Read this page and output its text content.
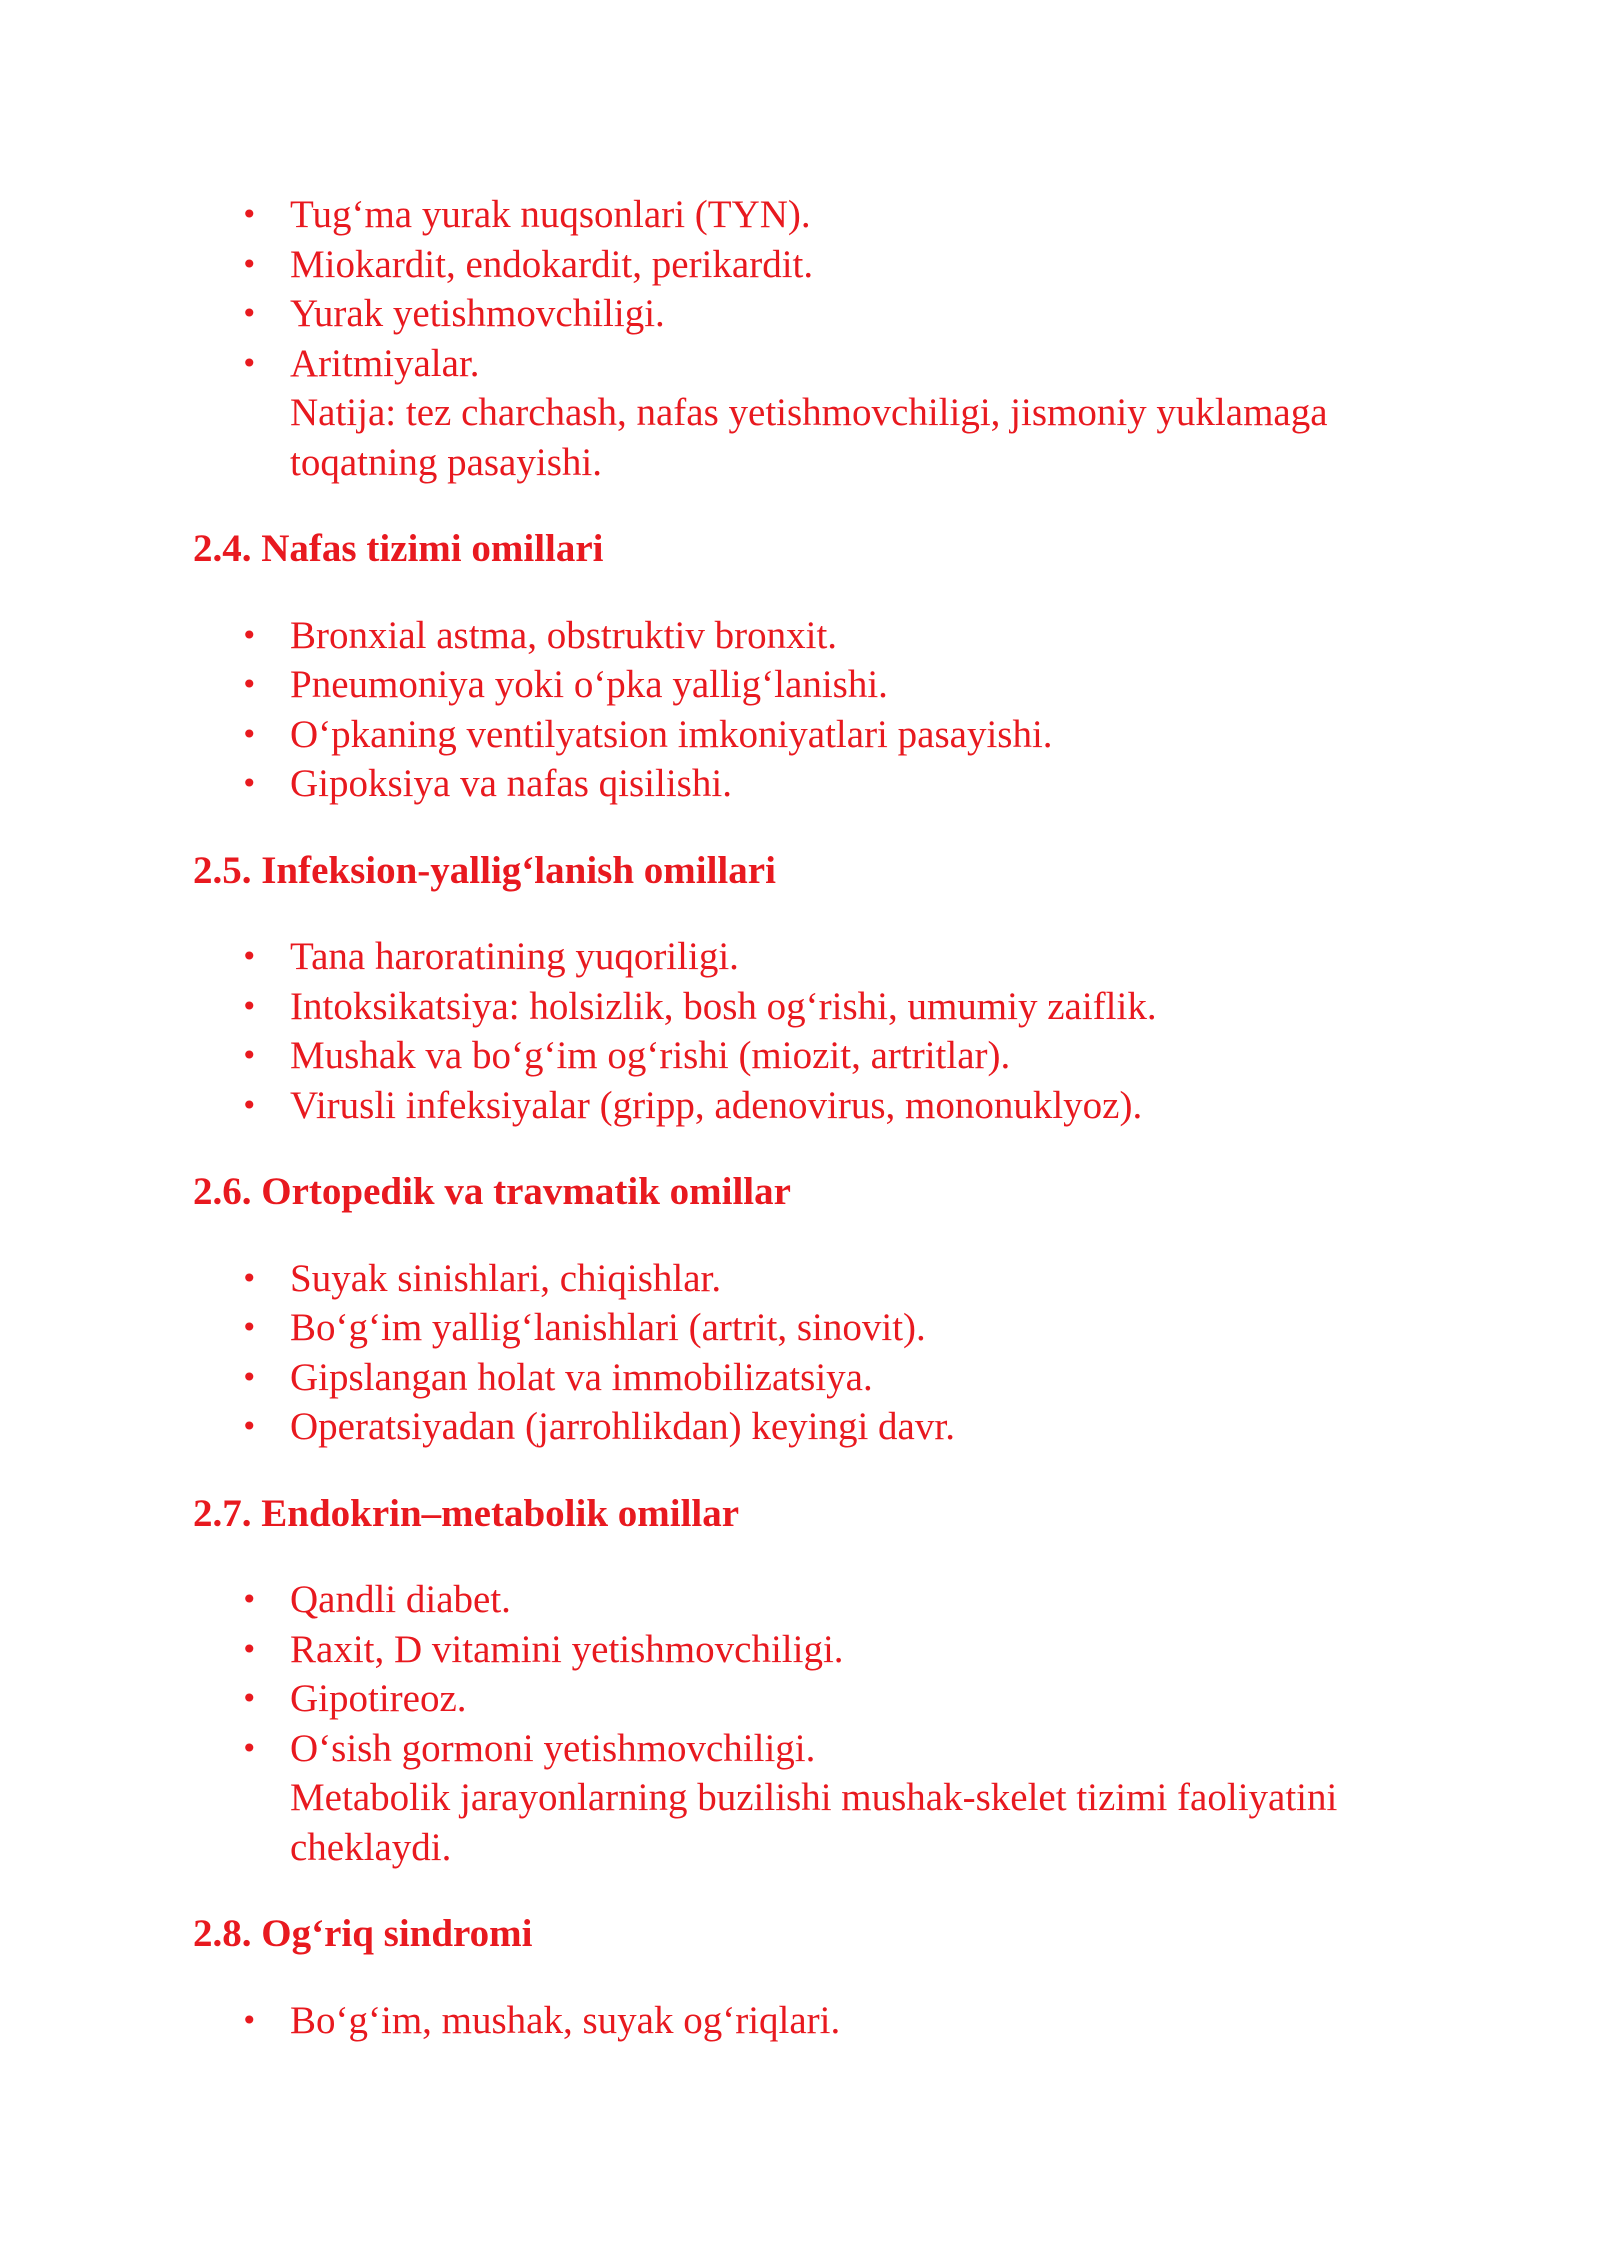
• Tug‘ma yurak nuqsonlari (TYN).
• Miokardit, endokardit, perikardit.
• Yurak yetishmovchiligi.
• Aritmiyalar.
Natija: tez charchash, nafas yetishmovchiligi, jismoniy yuklamaga toqatning pasayishi.
2.4. Nafas tizimi omillari
• Bronxial astma, obstruktiv bronxit.
• Pneumoniya yoki o‘pka yallig‘lanishi.
• O‘pkaning ventilyatsion imkoniyatlari pasayishi.
• Gipoksiya va nafas qisilishi.
2.5. Infeksion-yallig‘lanish omillari
• Tana haroratining yuqoriligi.
• Intoksikatsiya: holsizlik, bosh og‘rishi, umumiy zaiflik.
• Mushak va bo‘g‘im og‘rishi (miozit, artritlar).
• Virusli infeksiyalar (gripp, adenovirus, mononuklyoz).
2.6. Ortopedik va travmatik omillar
• Suyak sinishlari, chiqishlar.
• Bo‘g‘im yallig‘lanishlari (artrit, sinovit).
• Gipslangan holat va immobilizatsiya.
• Operatsiyadan (jarrohlikdan) keyingi davr.
2.7. Endokrin–metabolik omillar
• Qandli diabet.
• Raxit, D vitamini yetishmovchiligi.
• Gipotireoz.
• O‘sish gormoni yetishmovchiligi.
Metabolik jarayonlarning buzilishi mushak-skelet tizimi faoliyatini cheklaydi.
2.8. Og‘riq sindromi
• Bo‘g‘im, mushak, suyak og‘riqlari.
